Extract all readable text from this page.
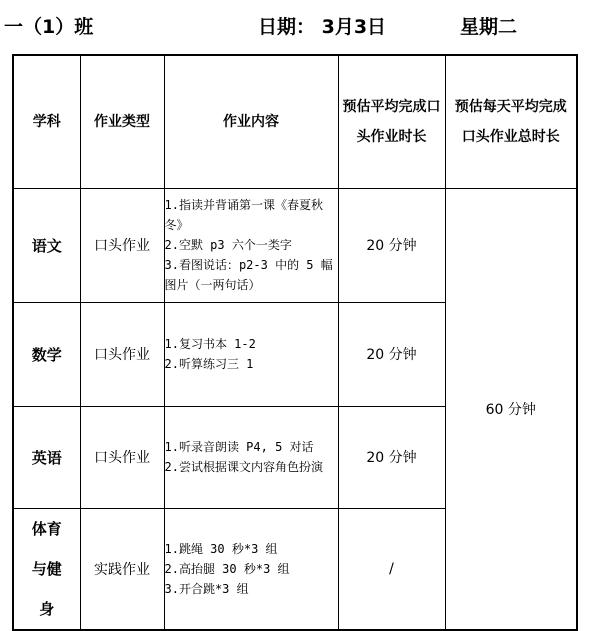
一（1）班	日期： 3月3日	星期二
学科	作业类型	作业内容	预估平均完成口头作业时长	预估每天平均完成口头作业总时长
语文	口头作业	1.指读并背诵第一课《春夏秋冬》
2.空默 p3 六个一类字
3.看图说话：p2-3 中的 5 幅图片（一两句话）	20 分钟	60 分钟
数学	口头作业	1.复习书本 1-2
2.听算练习三 1	20 分钟	
英语	口头作业	1.听录音朗读 P4, 5 对话
2.尝试根据课文内容角色扮演	20 分钟	
体育与健身	实践作业	1.跳绳 30 秒*3 组
2.高抬腿 30 秒*3 组
3.开合跳*3 组	/	
